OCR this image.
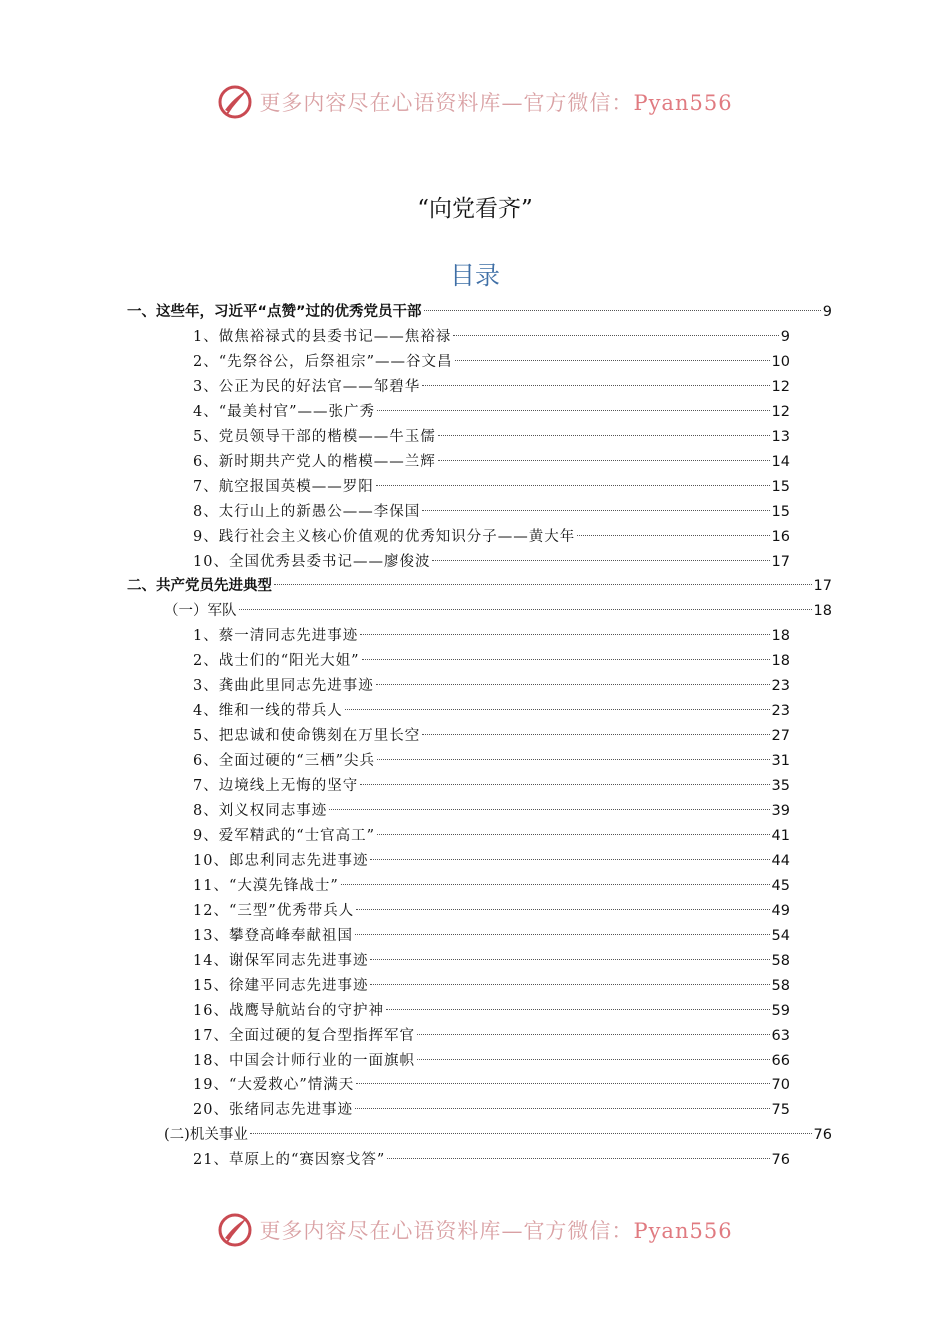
更多内容尽在心语资料库—官方微信：Pyan556
“向党看齐”
目录
一、这些年，习近平“点赞”过的优秀党员干部	9
1、做焦裕禄式的县委书记——焦裕禄	9
2、“先祭谷公，后祭祖宗”——谷文昌	10
3、公正为民的好法官——邹碧华	12
4、“最美村官”——张广秀	12
5、党员领导干部的楷模——牛玉儒	13
6、新时期共产党人的楷模——兰辉	14
7、航空报国英模——罗阳	15
8、太行山上的新愚公——李保国	15
9、践行社会主义核心价值观的优秀知识分子——黄大年	16
10、全国优秀县委书记——廖俊波	17
二、共产党员先进典型	17
（一）军队	18
1、蔡一清同志先进事迹	18
2、战士们的“阳光大姐”	18
3、龚曲此里同志先进事迹	23
4、维和一线的带兵人	23
5、把忠诚和使命镌刻在万里长空	27
6、全面过硬的“三栖”尖兵	31
7、边境线上无悔的坚守	35
8、刘义权同志事迹	39
9、爱军精武的“士官高工”	41
10、郎忠利同志先进事迹	44
11、“大漠先锋战士”	45
12、“三型”优秀带兵人	49
13、攀登高峰奉献祖国	54
14、谢保军同志先进事迹	58
15、徐建平同志先进事迹	58
16、战鹰导航站台的守护神	59
17、全面过硬的复合型指挥军官	63
18、中国会计师行业的一面旗帜	66
19、“大爱救心”情满天	70
20、张绪同志先进事迹	75
(二)机关事业	76
21、草原上的“赛因察戈答”	76
更多内容尽在心语资料库—官方微信：Pyan556
